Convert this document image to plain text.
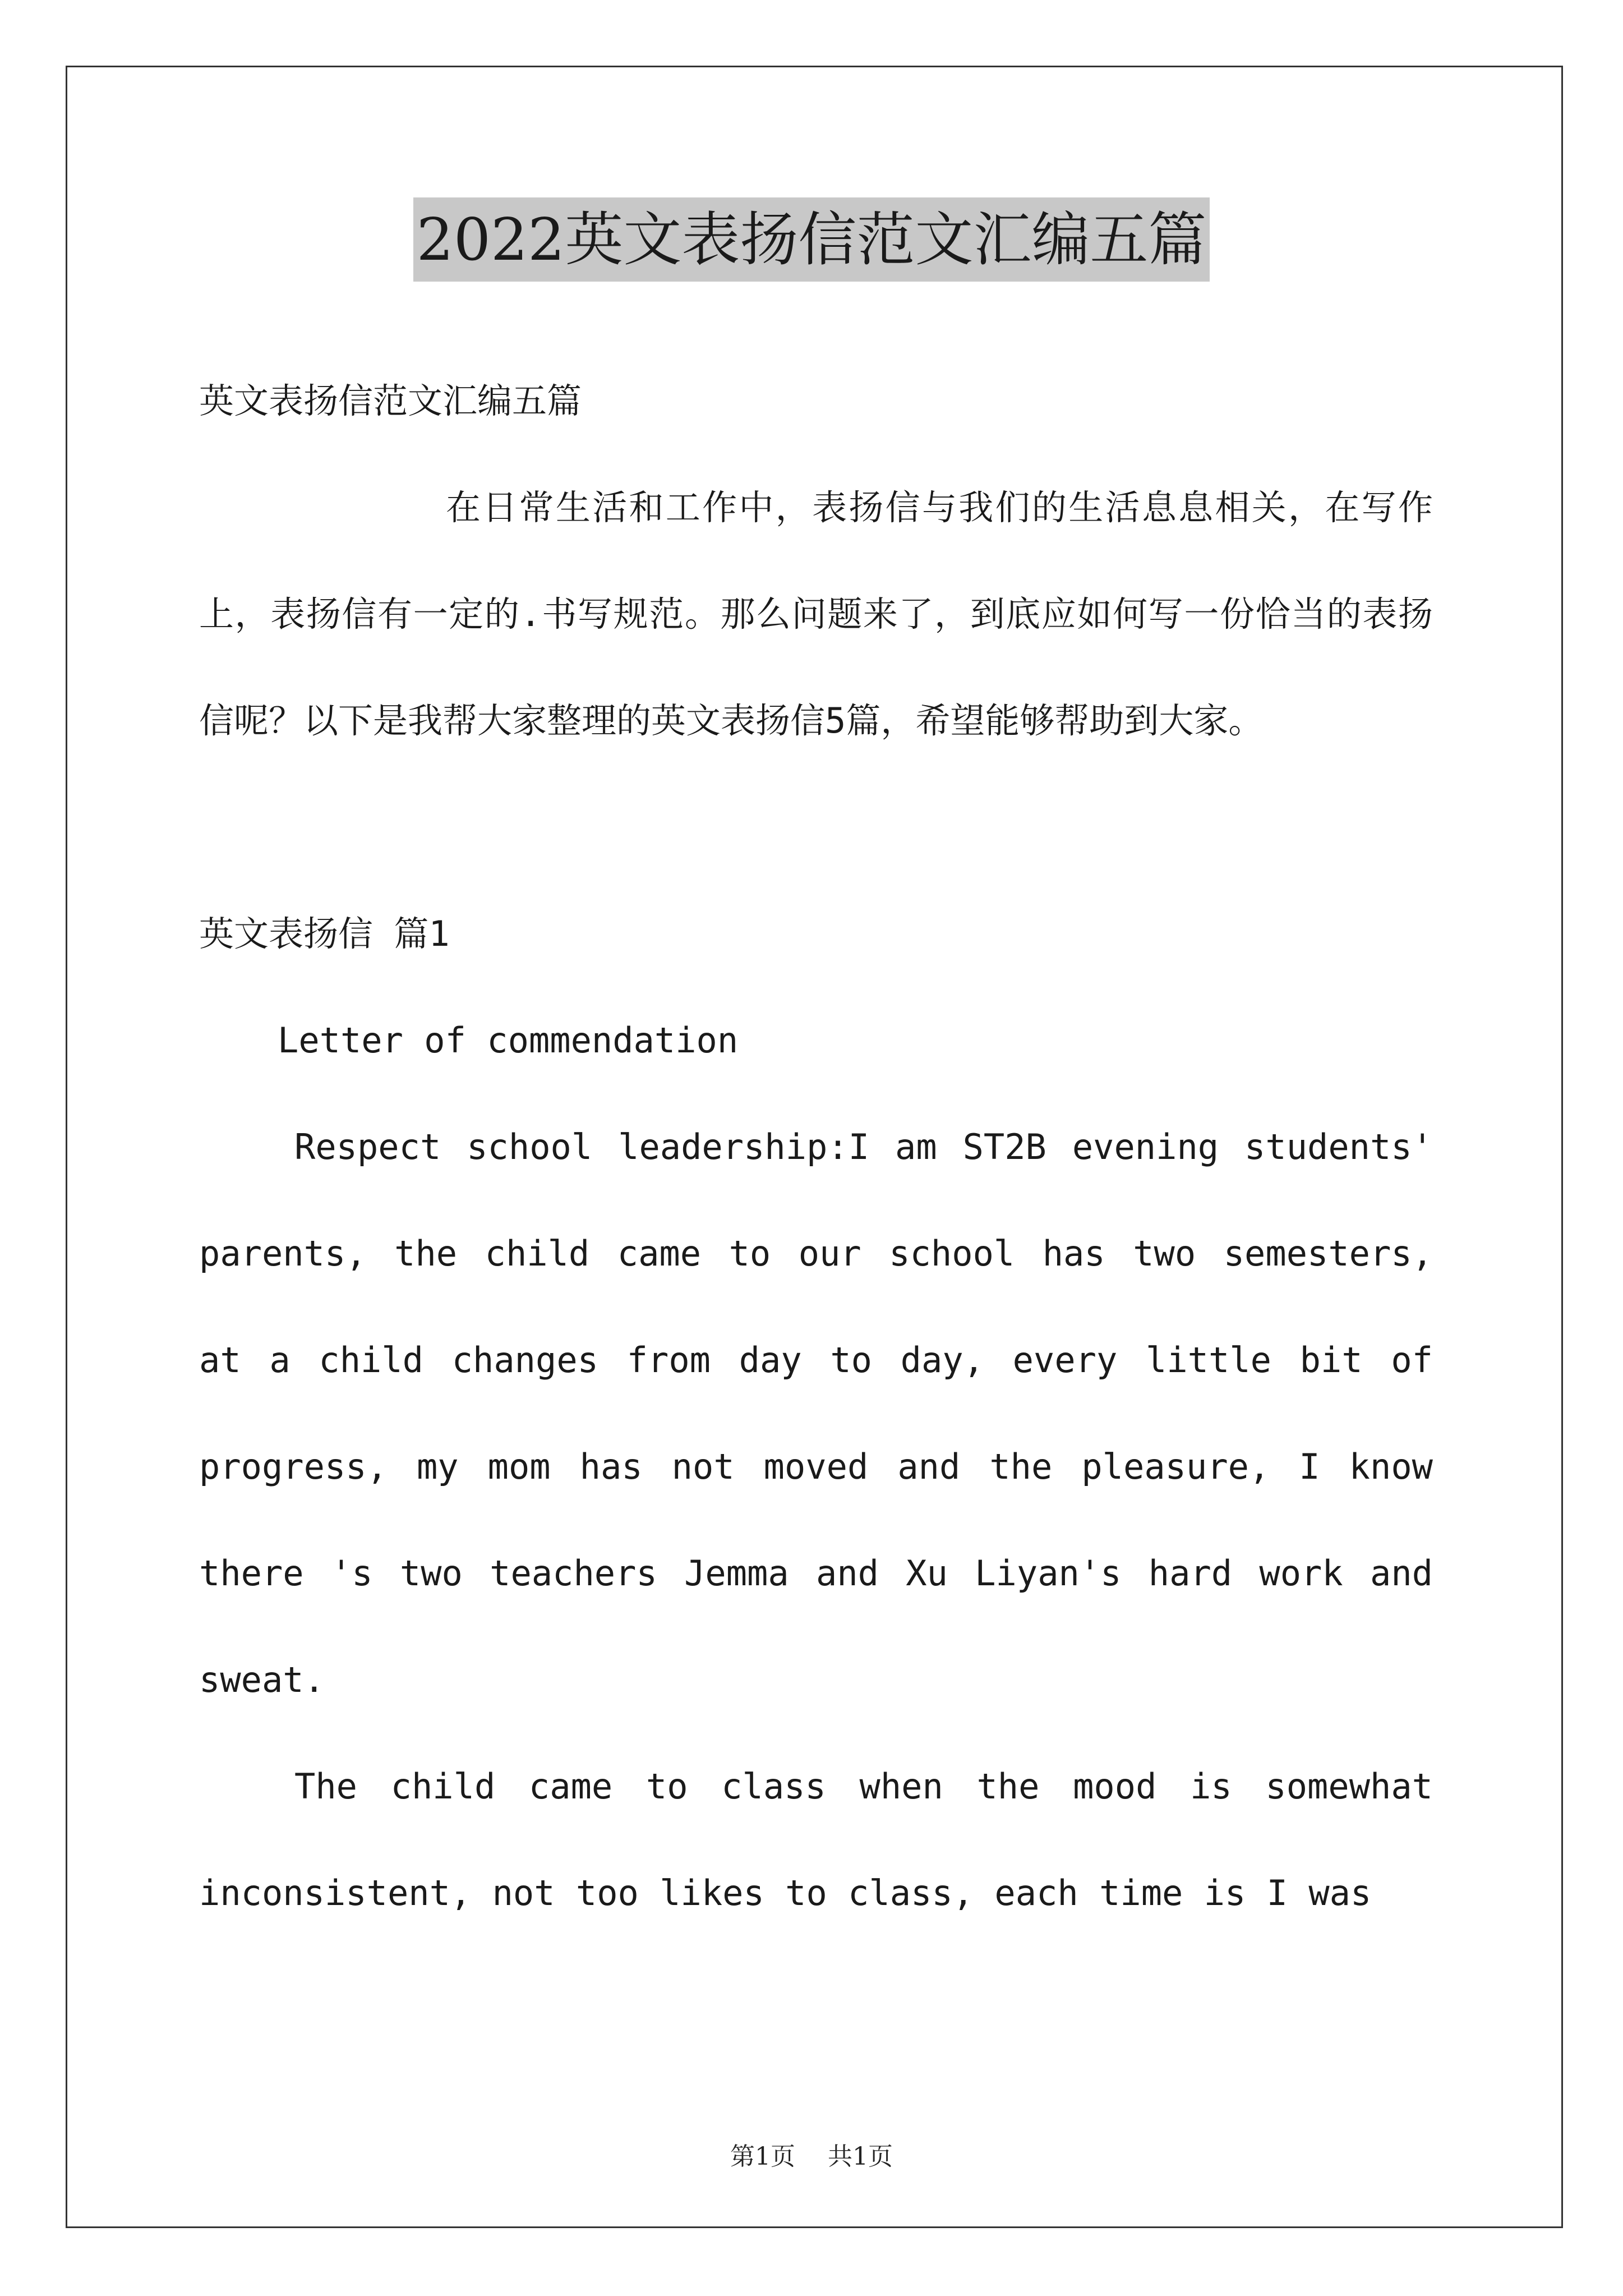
2022英文表扬信范文汇编五篇

英文表扬信范文汇编五篇

在日常生活和工作中，表扬信与我们的生活息息相关，在写作上，表扬信有一定的.书写规范。那么问题来了，到底应如何写一份恰当的表扬信呢？以下是我帮大家整理的英文表扬信5篇，希望能够帮助到大家。

英文表扬信 篇1

Letter of commendation

Respect school leadership:I am ST2B evening students' parents, the child came to our school has two semesters, at a child changes from day to day, every little bit of progress, my mom has not moved and the pleasure, I know there 's two teachers Jemma and Xu Liyan's hard work and sweat.

The child came to class when the mood is somewhat inconsistent, not too likes to class, each time is I was

第1页 共1页
